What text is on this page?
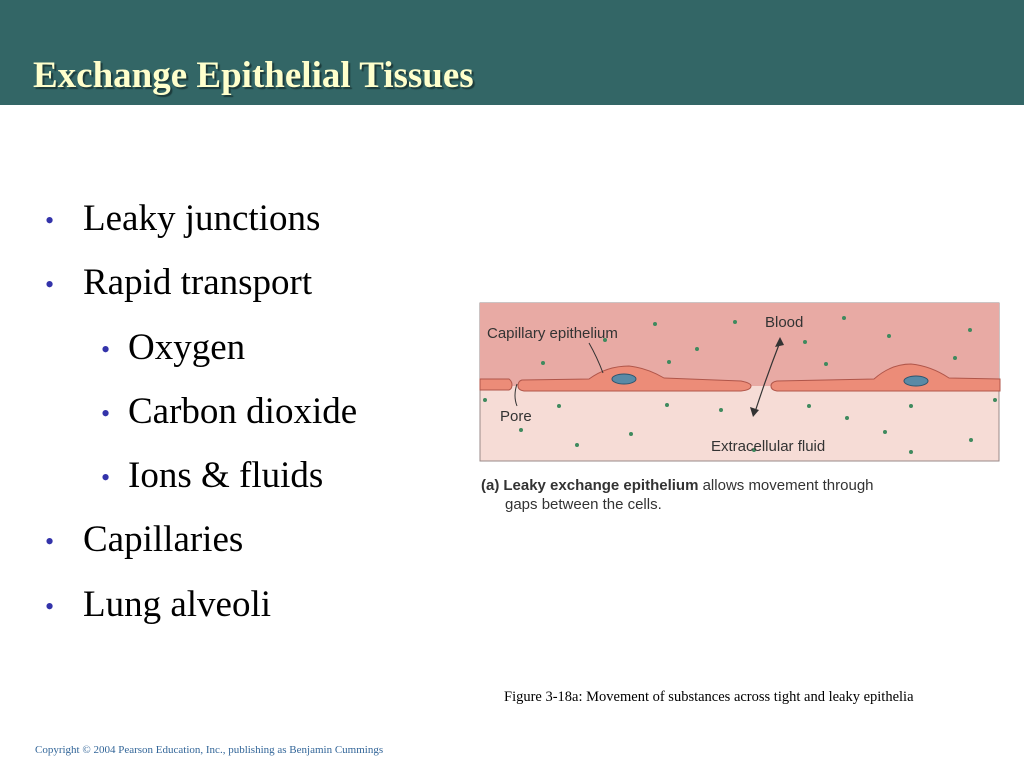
Exchange Epithelial Tissues
• Leaky junctions
• Rapid transport
• Oxygen
• Carbon dioxide
• Ions & fluids
• Capillaries
• Lung alveoli
Capillary epithelium
Blood
Pore
Extracellular fluid
(a) Leaky exchange epithelium allows movement through
gaps between the cells.
Figure 3-18a: Movement of substances across tight and leaky epithelia
Copyright © 2004 Pearson Education, Inc., publishing as Benjamin Cummings
